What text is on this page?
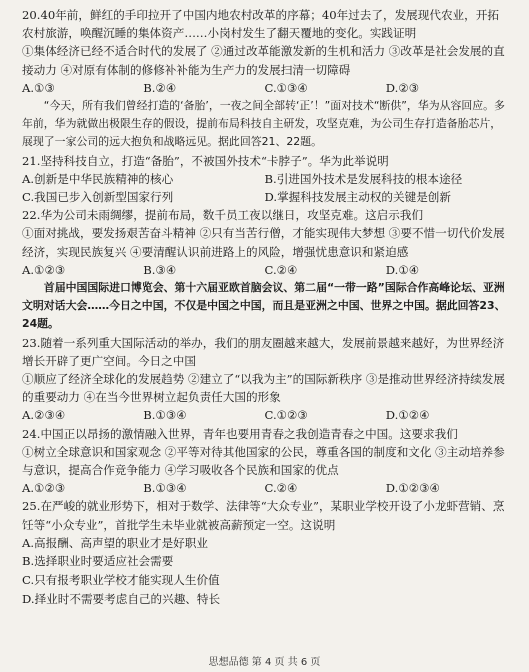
20.40年前，鲜红的手印拉开了中国内地农村改革的序幕；40年过去了，发展现代农业，开拓农村旅游，唤醒沉睡的集体资产……小岗村发生了翻天覆地的变化。实践证明

①集体经济已经不适合时代的发展了 ②通过改革能激发新的生机和活力 ③改革是社会发展的直接动力 ④对原有体制的修修补补能为生产力的发展扫清一切障碍

A.①③	B.②④	C.①③④	D.②③

“今天，所有我们曾经打造的‘备胎’，一夜之间全部转‘正’！”面对技术“断供”，华为从容回应。多年前，华为就做出极限生存的假设，提前布局科技自主研发，攻坚克难，为公司生存打造备胎芯片，展现了一家公司的远大抱负和战略远见。据此回答21、22题。

21.坚持科技自立，打造“备胎”，不被国外技术“卡脖子”。华为此举说明

A.创新是中华民族精神的核心	B.引进国外技术是发展科技的根本途径
C.我国已步入创新型国家行列	D.掌握科技发展主动权的关键是创新

22.华为公司未雨绸缪，提前布局，数千员工夜以继日，攻坚克难。这启示我们

①面对挑战，要发扬艰苦奋斗精神 ②只有当苦行僧，才能实现伟大梦想 ③要不惜一切代价发展经济，实现民族复兴 ④要清醒认识前进路上的风险，增强忧患意识和紧迫感

A.①②③	B.③④	C.②④	D.①④

首届中国国际进口博览会、第十六届亚欧首脑会议、第二届“一带一路”国际合作高峰论坛、亚洲文明对话大会……今日之中国，不仅是中国之中国，而且是亚洲之中国、世界之中国。据此回答23、24题。

23.随着一系列重大国际活动的举办，我们的朋友圈越来越大，发展前景越来越好，为世界经济增长开辟了更广空间。今日之中国

①顺应了经济全球化的发展趋势 ②建立了“以我为主”的国际新秩序 ③是推动世界经济持续发展的重要动力 ④在当今世界树立起负责任大国的形象

A.②③④	B.①③④	C.①②③	D.①②④

24.中国正以昂扬的激情融入世界，青年也要用青春之我创造青春之中国。这要求我们

①树立全球意识和国家观念 ②平等对待其他国家的公民，尊重各国的制度和文化 ③主动培养参与意识，提高合作竞争能力 ④学习吸收各个民族和国家的优点

A.①②③	B.①③④	C.②④	D.①②③④

25.在严峻的就业形势下，相对于数学、法律等“大众专业”，某职业学校开设了小龙虾营销、烹饪等“小众专业”，首批学生未毕业就被高薪预定一空。这说明

A.高报酬、高声望的职业才是好职业
B.选择职业时要适应社会需要
C.只有报考职业学校才能实现人生价值
D.择业时不需要考虑自己的兴趣、特长
思想品德 第 4 页 共 6 页
